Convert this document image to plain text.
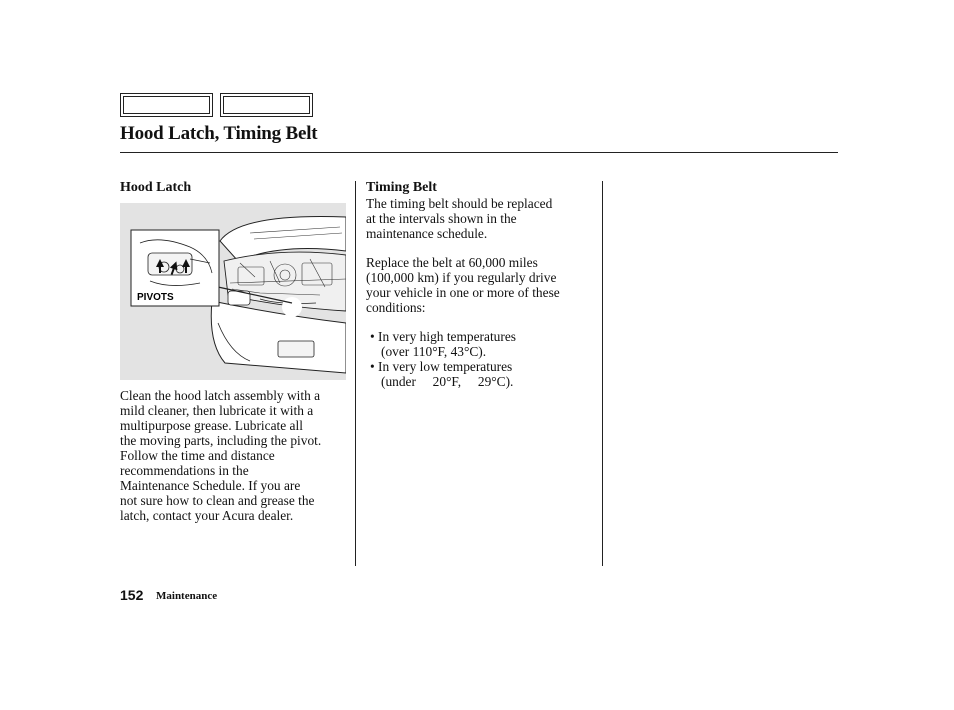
Hood Latch, Timing Belt
Hood Latch
PIVOTS

Clean the hood latch assembly with a
mild cleaner, then lubricate it with a
multipurpose grease. Lubricate all
the moving parts, including the pivot.
Follow the time and distance
recommendations in the
Maintenance Schedule. If you are
not sure how to clean and grease the
latch, contact your Acura dealer.

Timing Belt

The timing belt should be replaced
at the intervals shown in the
maintenance schedule.

Replace the belt at 60,000 miles
(100,000 km) if you regularly drive
your vehicle in one or more of these
conditions:

• In very high temperatures
(over 110°F, 43°C).
• In very low temperatures
(under     20°F,     29°C).

152 Maintenance
